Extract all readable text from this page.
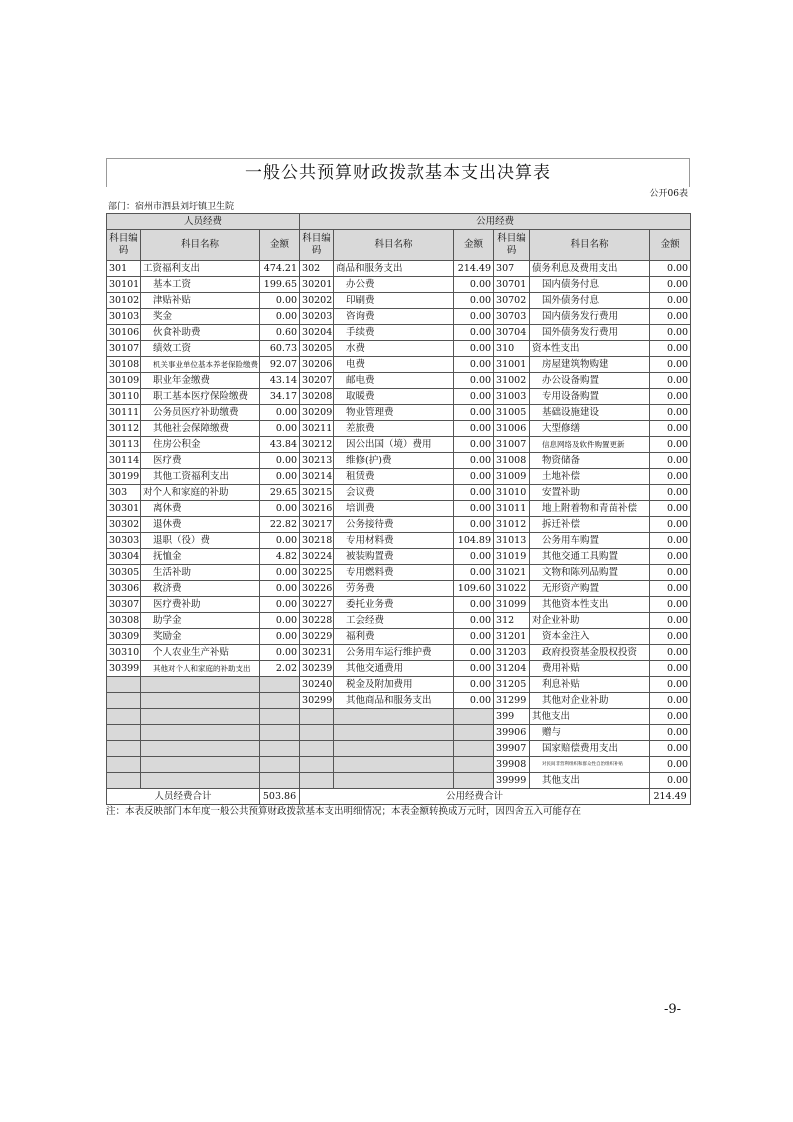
一般公共预算财政拨款基本支出决算表
公开06表
部门：宿州市泗县刘圩镇卫生院
人员经费			公用经费					
科目编码	科目名称	金额	科目编码	科目名称	金额	科目编码	科目名称	金额
301	工资福利支出	474.21	302	商品和服务支出	214.49	307	债务利息及费用支出	0.00
30101	基本工资	199.65	30201	办公费	0.00	30701	国内债务付息	0.00
30102	津贴补贴	0.00	30202	印刷费	0.00	30702	国外债务付息	0.00
30103	奖金	0.00	30203	咨询费	0.00	30703	国内债务发行费用	0.00
30106	伙食补助费	0.60	30204	手续费	0.00	30704	国外债务发行费用	0.00
30107	绩效工资	60.73	30205	水费	0.00	310	资本性支出	0.00
30108	机关事业单位基本养老保险缴费	92.07	30206	电费	0.00	31001	房屋建筑物购建	0.00
30109	职业年金缴费	43.14	30207	邮电费	0.00	31002	办公设备购置	0.00
30110	职工基本医疗保险缴费	34.17	30208	取暖费	0.00	31003	专用设备购置	0.00
30111	公务员医疗补助缴费	0.00	30209	物业管理费	0.00	31005	基础设施建设	0.00
30112	其他社会保障缴费	0.00	30211	差旅费	0.00	31006	大型修缮	0.00
30113	住房公积金	43.84	30212	因公出国（境）费用	0.00	31007	信息网络及软件购置更新	0.00
30114	医疗费	0.00	30213	维修(护)费	0.00	31008	物资储备	0.00
30199	其他工资福利支出	0.00	30214	租赁费	0.00	31009	土地补偿	0.00
303	对个人和家庭的补助	29.65	30215	会议费	0.00	31010	安置补助	0.00
30301	离休费	0.00	30216	培训费	0.00	31011	地上附着物和青苗补偿	0.00
30302	退休费	22.82	30217	公务接待费	0.00	31012	拆迁补偿	0.00
30303	退职（役）费	0.00	30218	专用材料费	104.89	31013	公务用车购置	0.00
30304	抚恤金	4.82	30224	被装购置费	0.00	31019	其他交通工具购置	0.00
30305	生活补助	0.00	30225	专用燃料费	0.00	31021	文物和陈列品购置	0.00
30306	救济费	0.00	30226	劳务费	109.60	31022	无形资产购置	0.00
30307	医疗费补助	0.00	30227	委托业务费	0.00	31099	其他资本性支出	0.00
30308	助学金	0.00	30228	工会经费	0.00	312	对企业补助	0.00
30309	奖励金	0.00	30229	福利费	0.00	31201	资本金注入	0.00
30310	个人农业生产补贴	0.00	30231	公务用车运行维护费	0.00	31203	政府投资基金股权投资	0.00
30399	其他对个人和家庭的补助支出	2.02	30239	其他交通费用	0.00	31204	费用补贴	0.00
			30240	税金及附加费用	0.00	31205	利息补贴	0.00
			30299	其他商品和服务支出	0.00	31299	其他对企业补助	0.00
						399	其他支出	0.00
						39906	赠与	0.00
						39907	国家赔偿费用支出	0.00
						39908	对民间非营利组织和群众性自治组织补贴	0.00
						39999	其他支出	0.00
人员经费合计		503.86	公用经费合计					214.49
注：本表反映部门本年度一般公共预算财政拨款基本支出明细情况；本表金额转换成万元时，因四舍五入可能存在
-9-
